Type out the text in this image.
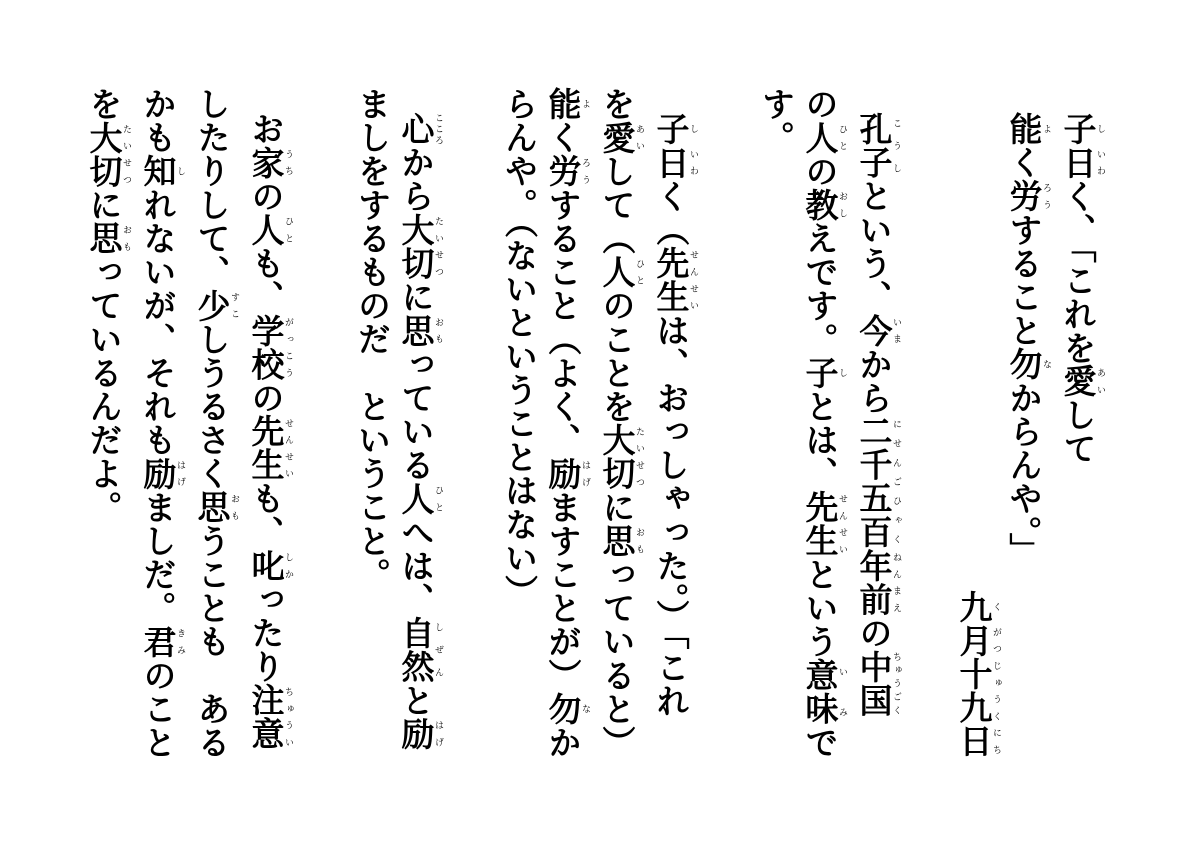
子し日いわく、「これを愛あいして
能よく労ろうすること勿なからんや。」
九く月がつ十九日じゅうくにち
孔子こうしという、今いまから二千五百にせんごひゃく年前ねんまえの中国ちゅうごく
の人ひとの教おしえです。子しとは、先生せんせいという意味いみで
す。
子し日いわく（先生せんせいは、おっしゃった。）「これ
を愛あいして（人ひとのことを大切たいせつに思おもっていると）
能よく労ろうすること（よく、励はげますことが）勿なか
らんや。（ないということはない）
心こころから大切たいせつに思おもっている人ひとへは、自然しぜんと励はげ
ましをするものだ　ということ。
お家うちの人ひとも、学校がっこうの先生せんせいも、叱しかったり注意ちゅうい
したりして、少すこしうるさく思おもうことも　ある
かも知しれないが、それも励はげましだ。君きみのこと
を大切たいせつに思おもっているんだよ。
